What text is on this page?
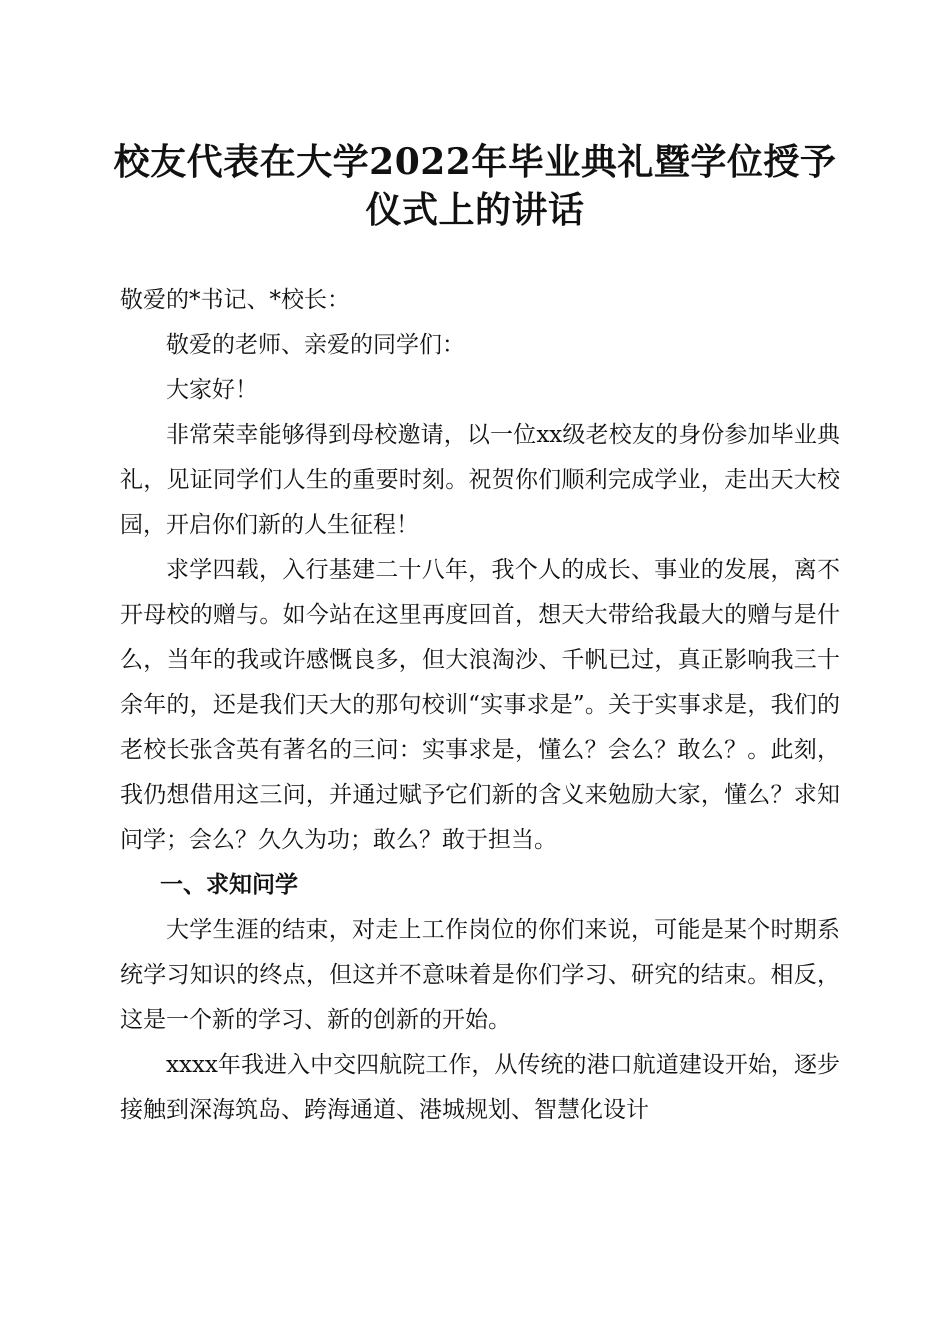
校友代表在大学2022年毕业典礼暨学位授予
仪式上的讲话

敬爱的*书记、*校长：

敬爱的老师、亲爱的同学们：

大家好！

非常荣幸能够得到母校邀请，以一位xx级老校友的身份参加毕业典礼，见证同学们人生的重要时刻。祝贺你们顺利完成学业，走出天大校园，开启你们新的人生征程！

求学四载，入行基建二十八年，我个人的成长、事业的发展，离不开母校的赠与。如今站在这里再度回首，想天大带给我最大的赠与是什么，当年的我或许感慨良多，但大浪淘沙、千帆已过，真正影响我三十余年的，还是我们天大的那句校训“实事求是”。关于实事求是，我们的老校长张含英有著名的三问：实事求是，懂么？会么？敢么？。此刻，我仍想借用这三问，并通过赋予它们新的含义来勉励大家，懂么？求知问学；会么？久久为功；敢么？敢于担当。

一、求知问学

大学生涯的结束，对走上工作岗位的你们来说，可能是某个时期系统学习知识的终点，但这并不意味着是你们学习、研究的结束。相反，这是一个新的学习、新的创新的开始。

xxxx年我进入中交四航院工作，从传统的港口航道建设开始，逐步接触到深海筑岛、跨海通道、港城规划、智慧化设计
